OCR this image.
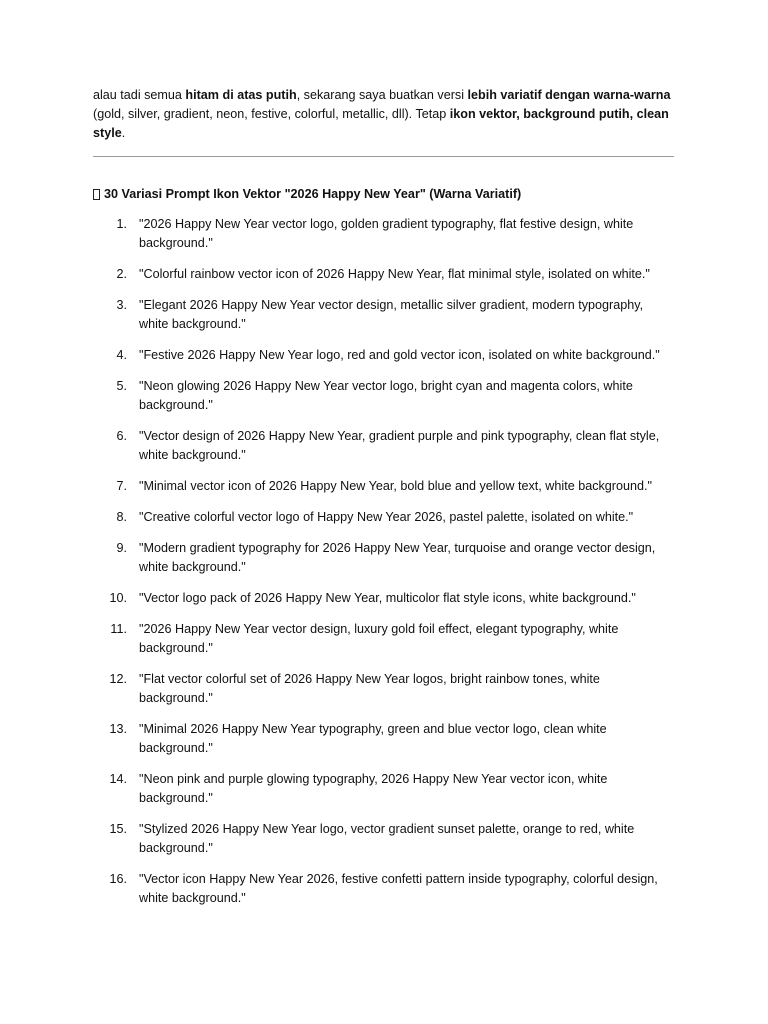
alau tadi semua hitam di atas putih, sekarang saya buatkan versi lebih variatif dengan warna-warna (gold, silver, gradient, neon, festive, colorful, metallic, dll). Tetap ikon vektor, background putih, clean style.

30 Variasi Prompt Ikon Vektor "2026 Happy New Year" (Warna Variatif)
1. "2026 Happy New Year vector logo, golden gradient typography, flat festive design, white background."
2. "Colorful rainbow vector icon of 2026 Happy New Year, flat minimal style, isolated on white."
3. "Elegant 2026 Happy New Year vector design, metallic silver gradient, modern typography, white background."
4. "Festive 2026 Happy New Year logo, red and gold vector icon, isolated on white background."
5. "Neon glowing 2026 Happy New Year vector logo, bright cyan and magenta colors, white background."
6. "Vector design of 2026 Happy New Year, gradient purple and pink typography, clean flat style, white background."
7. "Minimal vector icon of 2026 Happy New Year, bold blue and yellow text, white background."
8. "Creative colorful vector logo of Happy New Year 2026, pastel palette, isolated on white."
9. "Modern gradient typography for 2026 Happy New Year, turquoise and orange vector design, white background."
10. "Vector logo pack of 2026 Happy New Year, multicolor flat style icons, white background."
11. "2026 Happy New Year vector design, luxury gold foil effect, elegant typography, white background."
12. "Flat vector colorful set of 2026 Happy New Year logos, bright rainbow tones, white background."
13. "Minimal 2026 Happy New Year typography, green and blue vector logo, clean white background."
14. "Neon pink and purple glowing typography, 2026 Happy New Year vector icon, white background."
15. "Stylized 2026 Happy New Year logo, vector gradient sunset palette, orange to red, white background."
16. "Vector icon Happy New Year 2026, festive confetti pattern inside typography, colorful design, white background."
